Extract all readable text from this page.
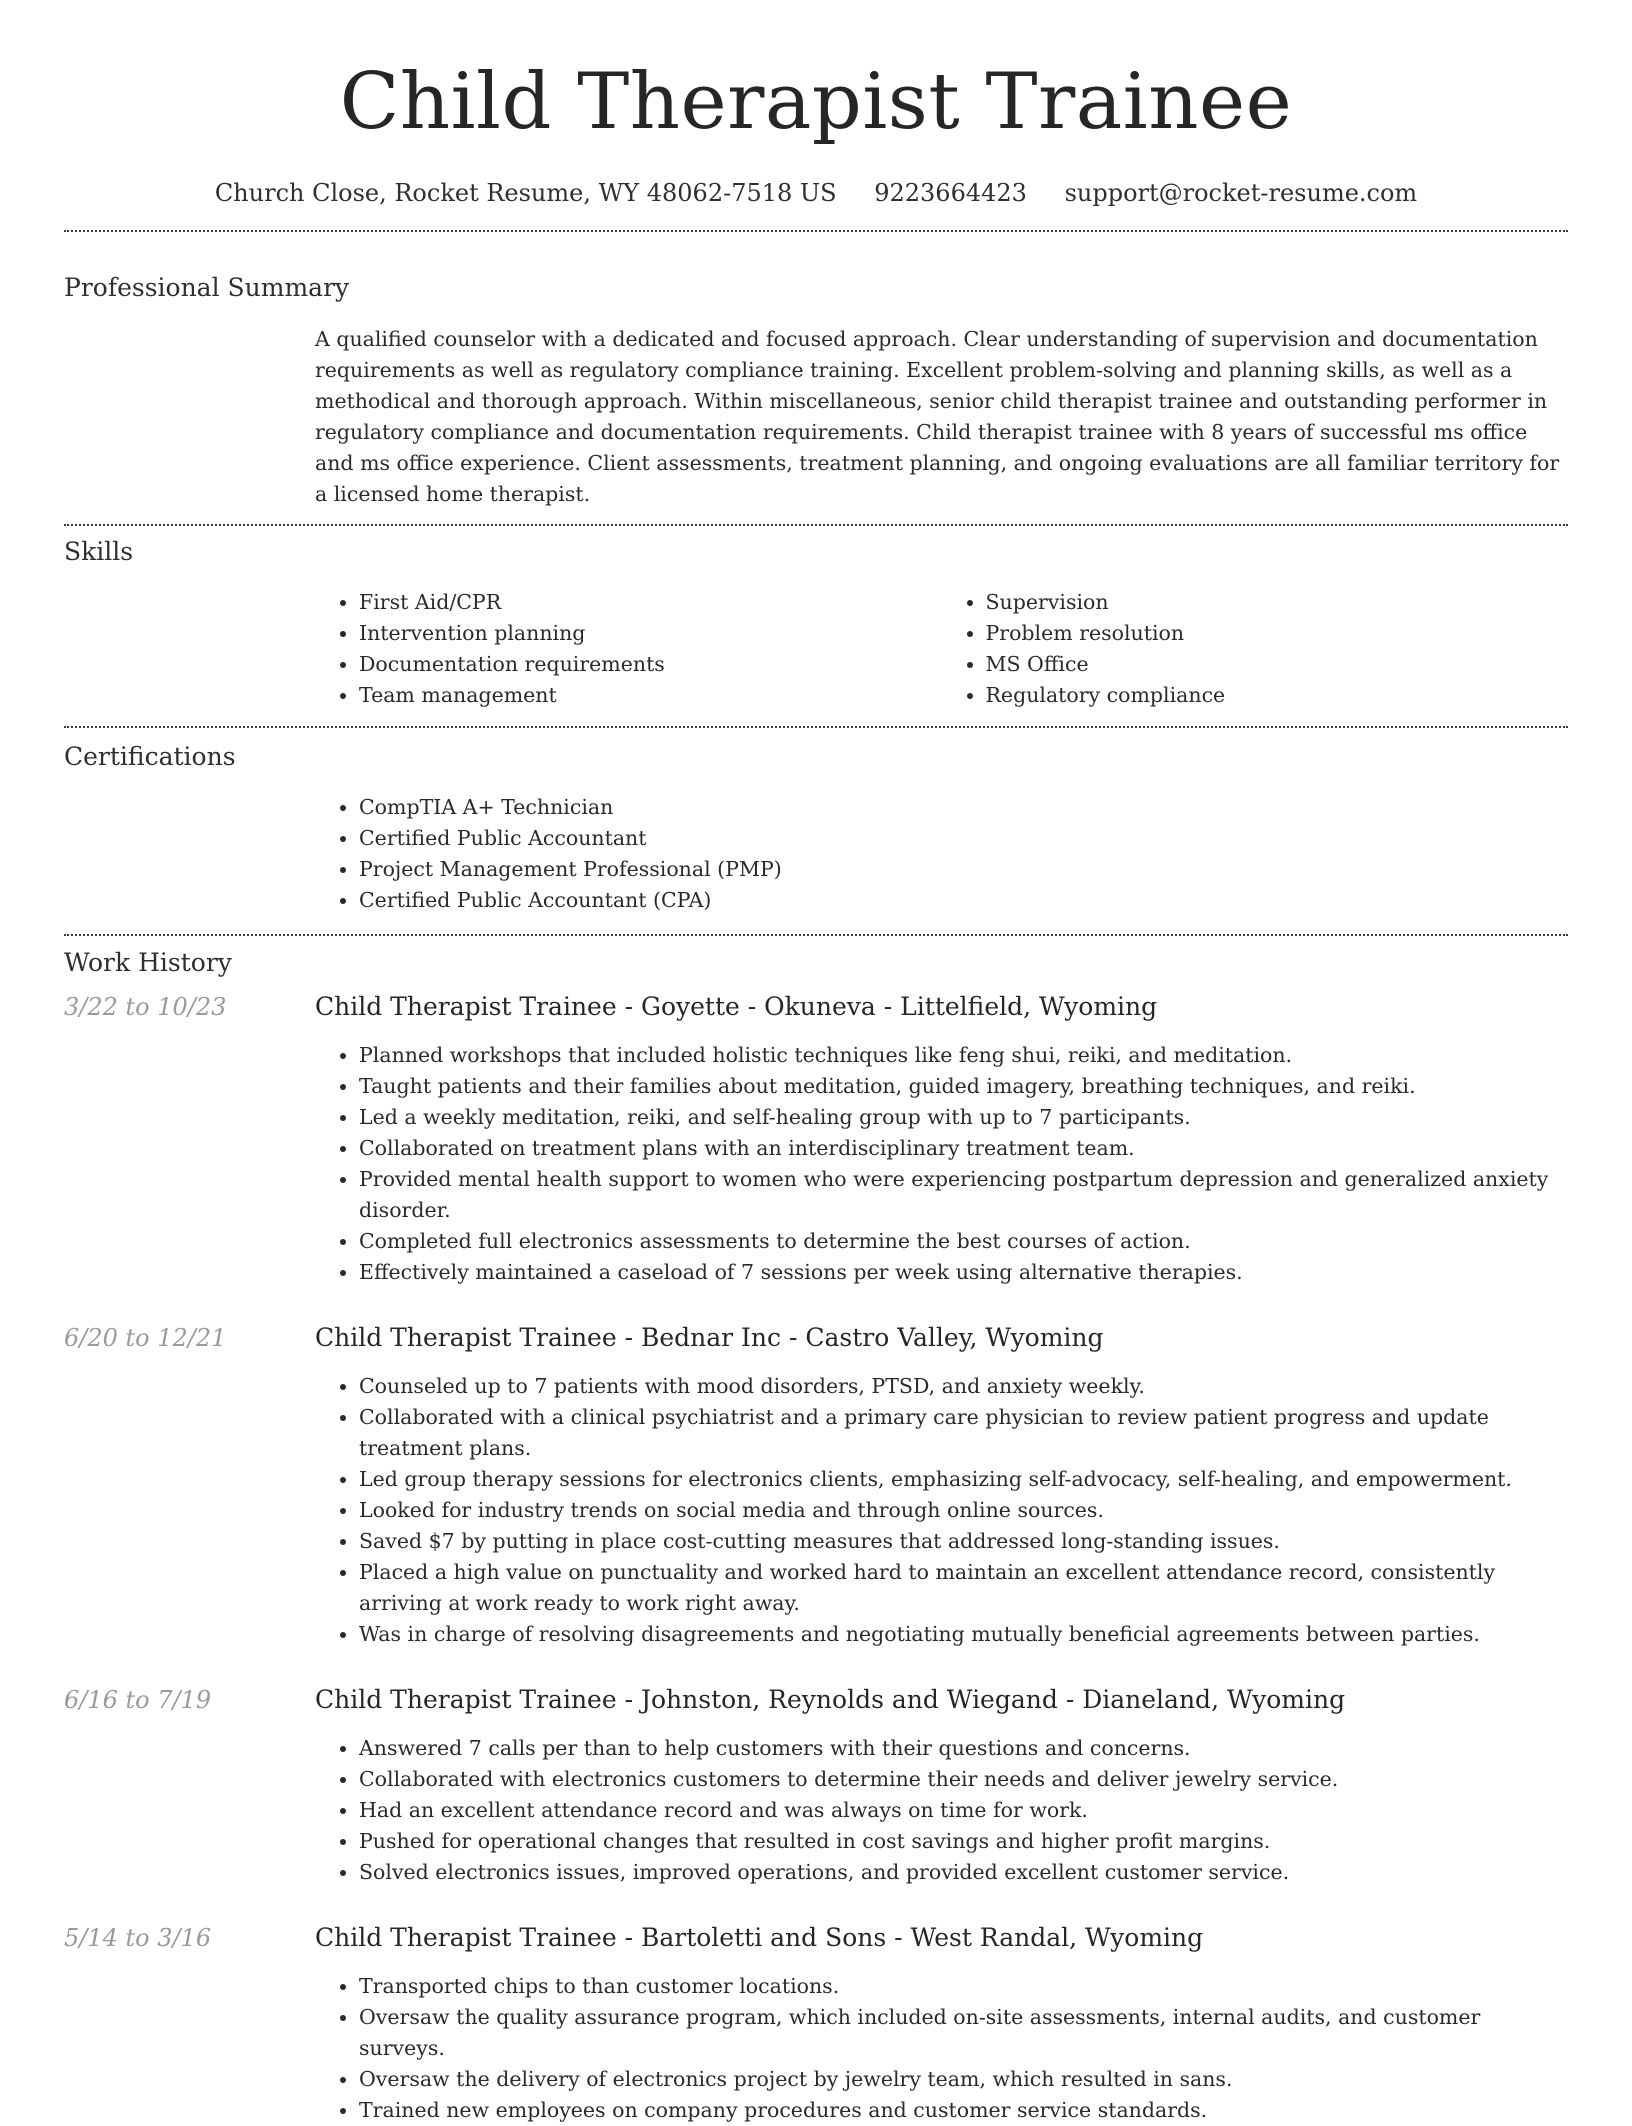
Child Therapist Trainee
Church Close, Rocket Resume, WY 48062-7518 US 9223664423 support@rocket-resume.com
Professional Summary

A qualified counselor with a dedicated and focused approach. Clear understanding of supervision and documentation requirements as well as regulatory compliance training. Excellent problem-solving and planning skills, as well as a methodical and thorough approach. Within miscellaneous, senior child therapist trainee and outstanding performer in regulatory compliance and documentation requirements. Child therapist trainee with 8 years of successful ms office and ms office experience. Client assessments, treatment planning, and ongoing evaluations are all familiar territory for a licensed home therapist.

Skills
• First Aid/CPR
• Intervention planning
• Documentation requirements
• Team management
• Supervision
• Problem resolution
• MS Office
• Regulatory compliance
Certifications
• CompTIA A+ Technician
• Certified Public Accountant
• Project Management Professional (PMP)
• Certified Public Accountant (CPA)
Work History
3/22 to 10/23	Child Therapist Trainee - Goyette - Okuneva - Littelfield, Wyoming
• Planned workshops that included holistic techniques like feng shui, reiki, and meditation.
• Taught patients and their families about meditation, guided imagery, breathing techniques, and reiki.
• Led a weekly meditation, reiki, and self-healing group with up to 7 participants.
• Collaborated on treatment plans with an interdisciplinary treatment team.
• Provided mental health support to women who were experiencing postpartum depression and generalized anxiety disorder.
• Completed full electronics assessments to determine the best courses of action.
• Effectively maintained a caseload of 7 sessions per week using alternative therapies.
6/20 to 12/21	Child Therapist Trainee - Bednar Inc - Castro Valley, Wyoming
• Counseled up to 7 patients with mood disorders, PTSD, and anxiety weekly.
• Collaborated with a clinical psychiatrist and a primary care physician to review patient progress and update treatment plans.
• Led group therapy sessions for electronics clients, emphasizing self-advocacy, self-healing, and empowerment.
• Looked for industry trends on social media and through online sources.
• Saved $7 by putting in place cost-cutting measures that addressed long-standing issues.
• Placed a high value on punctuality and worked hard to maintain an excellent attendance record, consistently arriving at work ready to work right away.
• Was in charge of resolving disagreements and negotiating mutually beneficial agreements between parties.
6/16 to 7/19	Child Therapist Trainee - Johnston, Reynolds and Wiegand - Dianeland, Wyoming
• Answered 7 calls per than to help customers with their questions and concerns.
• Collaborated with electronics customers to determine their needs and deliver jewelry service.
• Had an excellent attendance record and was always on time for work.
• Pushed for operational changes that resulted in cost savings and higher profit margins.
• Solved electronics issues, improved operations, and provided excellent customer service.
5/14 to 3/16	Child Therapist Trainee - Bartoletti and Sons - West Randal, Wyoming
• Transported chips to than customer locations.
• Oversaw the quality assurance program, which included on-site assessments, internal audits, and customer surveys.
• Oversaw the delivery of electronics project by jewelry team, which resulted in sans.
• Trained new employees on company procedures and customer service standards.
